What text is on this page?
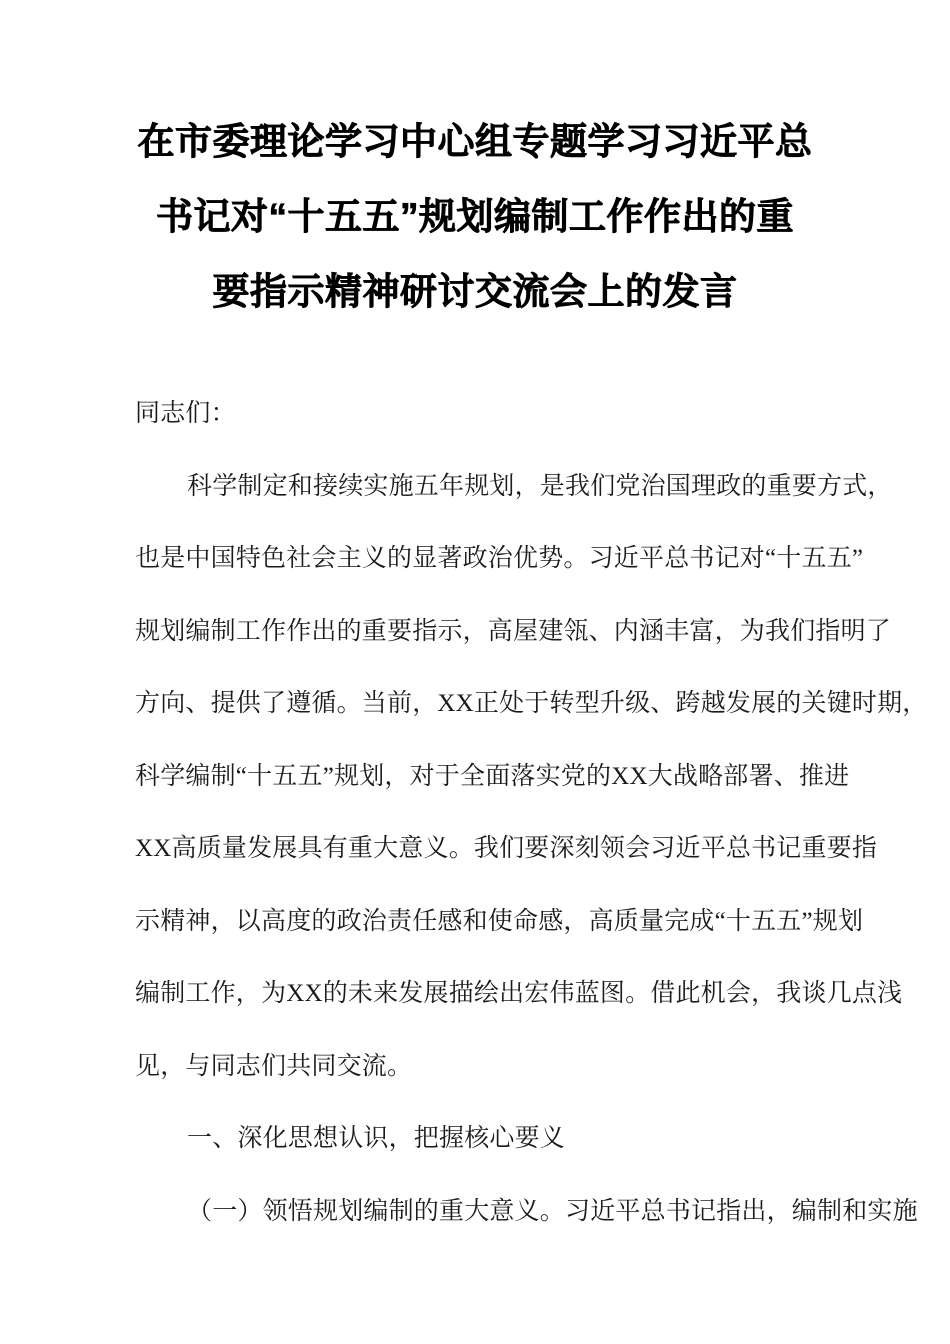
在市委理论学习中心组专题学习习近平总
书记对“十五五”规划编制工作作出的重
要指示精神研讨交流会上的发言
同志们：
科学制定和接续实施五年规划，是我们党治国理政的重要方式，
也是中国特色社会主义的显著政治优势。习近平总书记对“十五五”
规划编制工作作出的重要指示，高屋建瓴、内涵丰富，为我们指明了
方向、提供了遵循。当前，XX正处于转型升级、跨越发展的关键时期，
科学编制“十五五”规划，对于全面落实党的XX大战略部署、推进
XX高质量发展具有重大意义。我们要深刻领会习近平总书记重要指
示精神，以高度的政治责任感和使命感，高质量完成“十五五”规划
编制工作，为XX的未来发展描绘出宏伟蓝图。借此机会，我谈几点浅
见，与同志们共同交流。
一、深化思想认识，把握核心要义
（一）领悟规划编制的重大意义。习近平总书记指出，编制和实施
